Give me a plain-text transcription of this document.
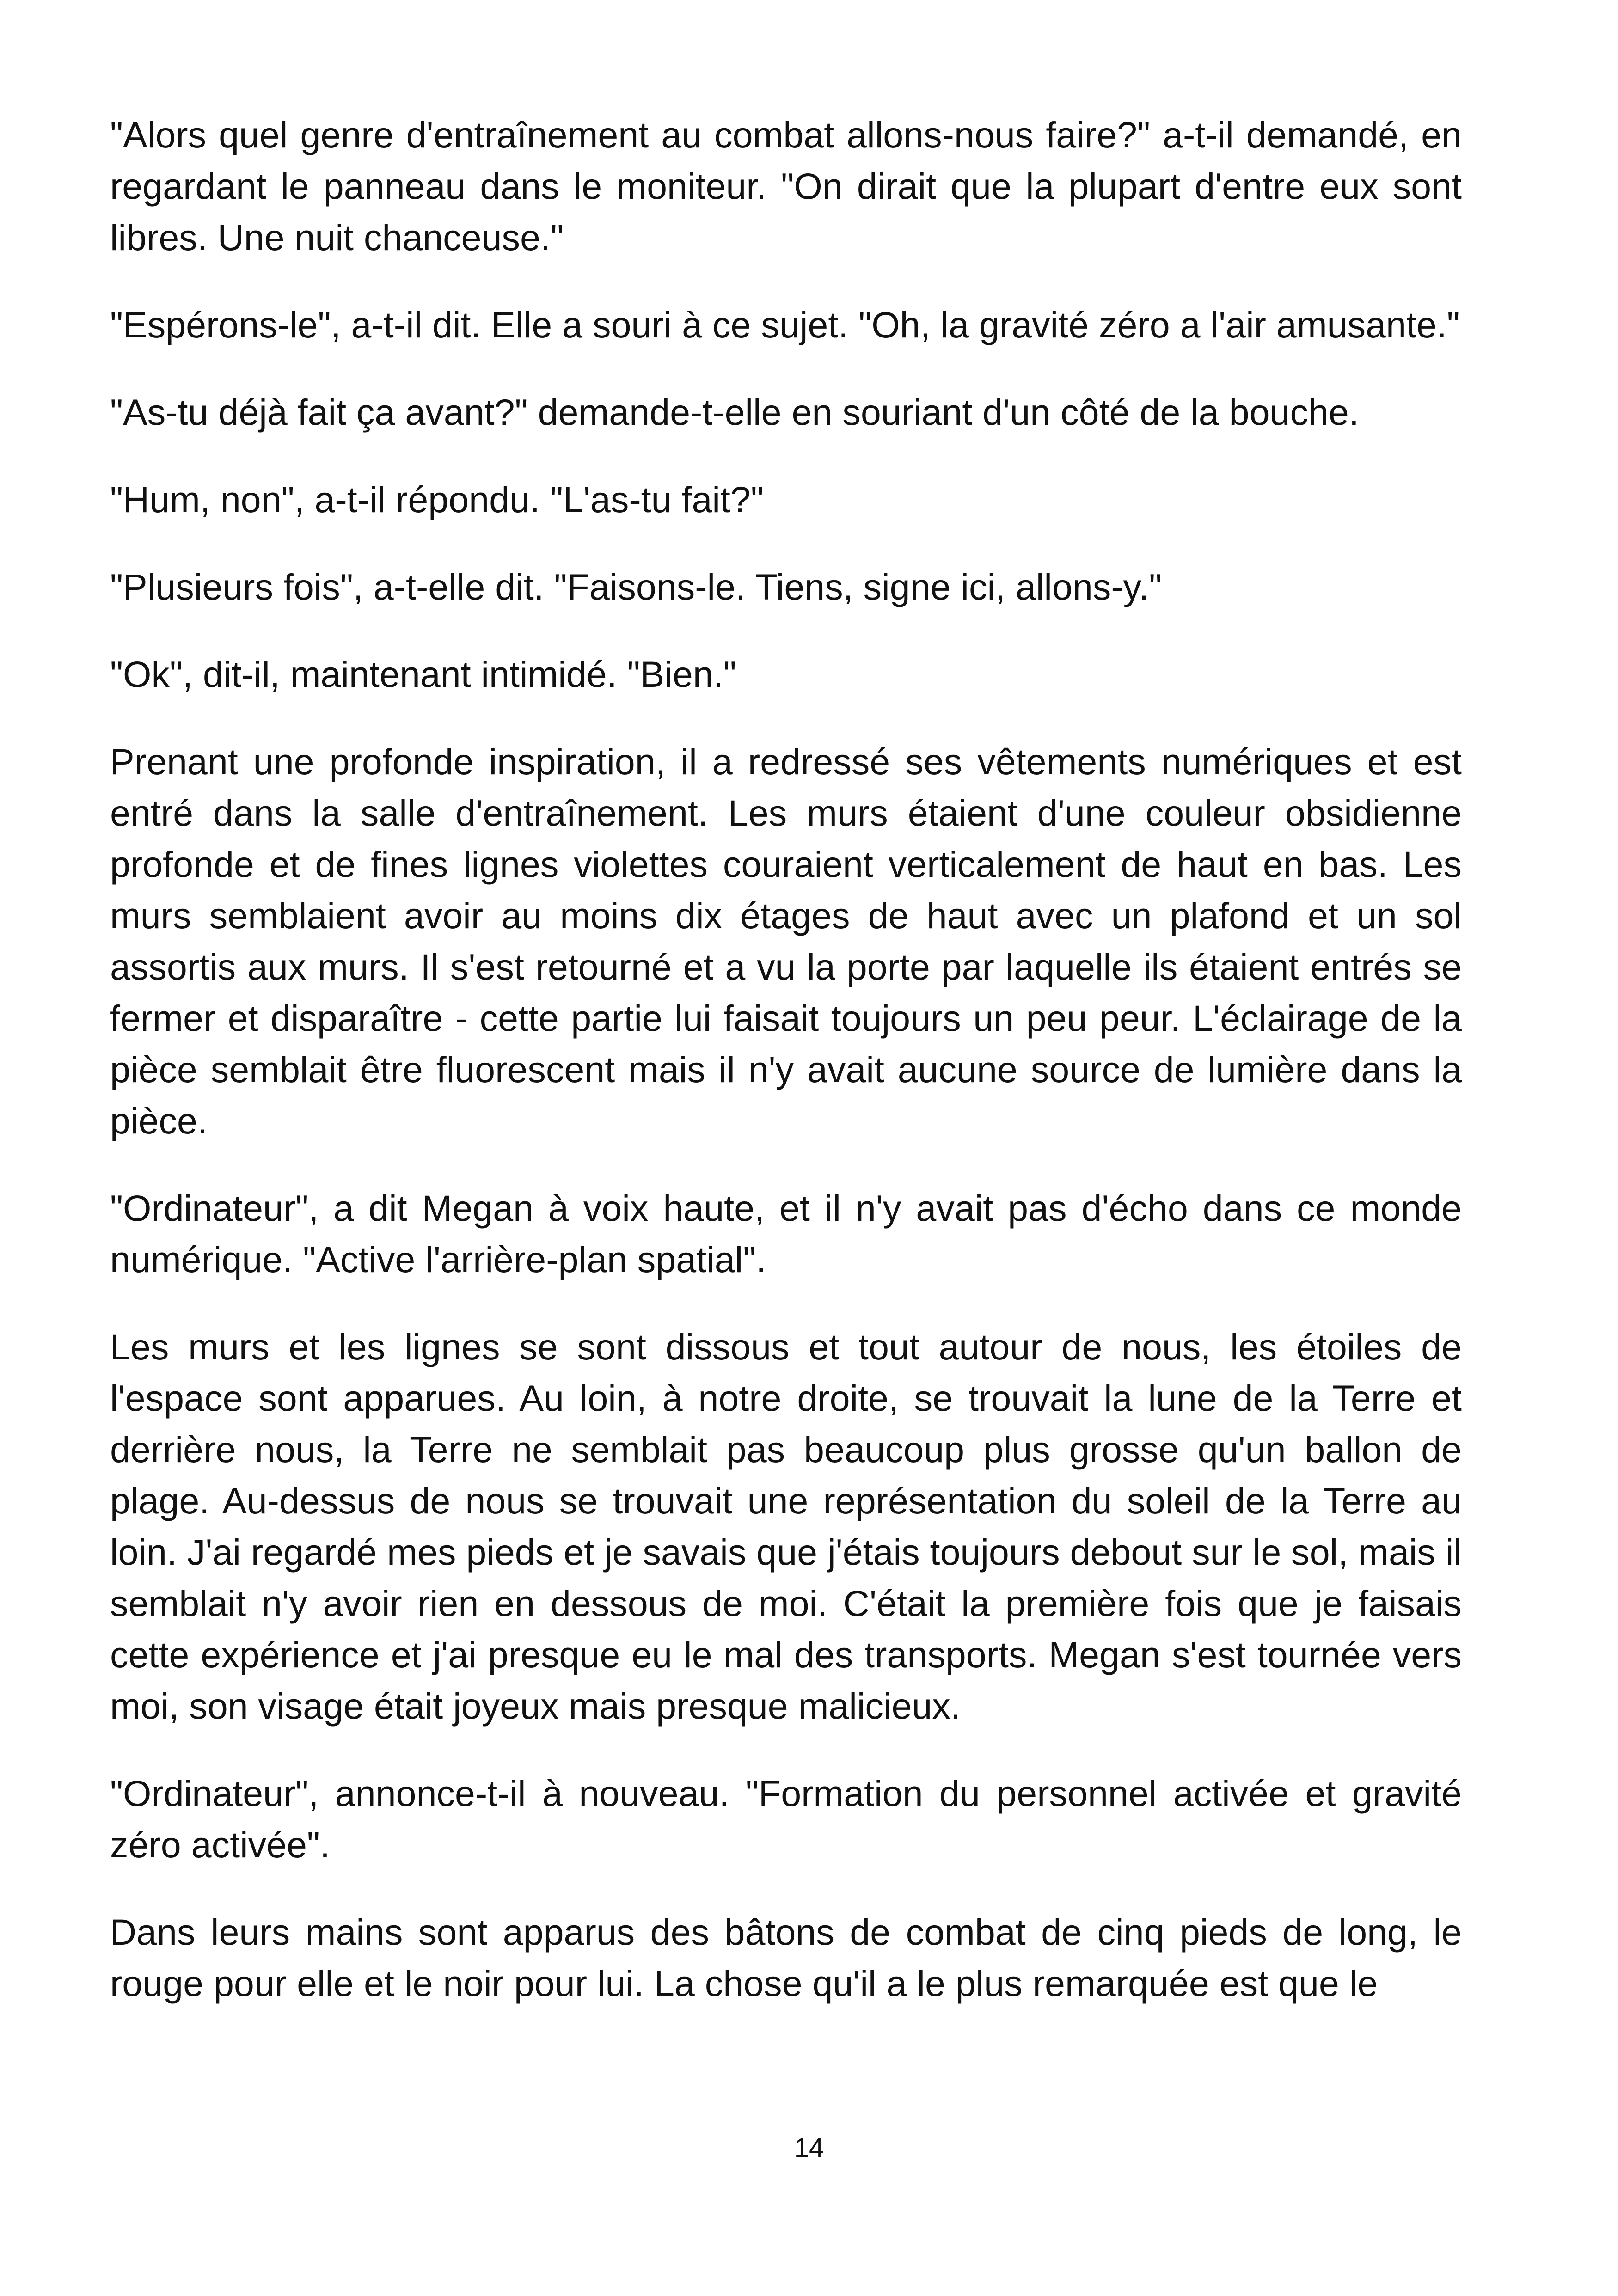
"Alors quel genre d'entraînement au combat allons-nous faire?" a-t-il demandé, en regardant le panneau dans le moniteur. "On dirait que la plupart d'entre eux sont libres. Une nuit chanceuse."

"Espérons-le", a-t-il dit. Elle a souri à ce sujet. "Oh, la gravité zéro a l'air amusante."

"As-tu déjà fait ça avant?" demande-t-elle en souriant d'un côté de la bouche.

"Hum, non", a-t-il répondu. "L'as-tu fait?"

"Plusieurs fois", a-t-elle dit. "Faisons-le. Tiens, signe ici, allons-y."

"Ok", dit-il, maintenant intimidé. "Bien."

Prenant une profonde inspiration, il a redressé ses vêtements numériques et est entré dans la salle d'entraînement. Les murs étaient d'une couleur obsidienne profonde et de fines lignes violettes couraient verticalement de haut en bas. Les murs semblaient avoir au moins dix étages de haut avec un plafond et un sol assortis aux murs. Il s'est retourné et a vu la porte par laquelle ils étaient entrés se fermer et disparaître - cette partie lui faisait toujours un peu peur. L'éclairage de la pièce semblait être fluorescent mais il n'y avait aucune source de lumière dans la pièce.

"Ordinateur", a dit Megan à voix haute, et il n'y avait pas d'écho dans ce monde numérique. "Active l'arrière-plan spatial".

Les murs et les lignes se sont dissous et tout autour de nous, les étoiles de l'espace sont apparues. Au loin, à notre droite, se trouvait la lune de la Terre et derrière nous, la Terre ne semblait pas beaucoup plus grosse qu'un ballon de plage. Au-dessus de nous se trouvait une représentation du soleil de la Terre au loin. J'ai regardé mes pieds et je savais que j'étais toujours debout sur le sol, mais il semblait n'y avoir rien en dessous de moi. C'était la première fois que je faisais cette expérience et j'ai presque eu le mal des transports. Megan s'est tournée vers moi, son visage était joyeux mais presque malicieux.

"Ordinateur", annonce-t-il à nouveau. "Formation du personnel activée et gravité zéro activée".

Dans leurs mains sont apparus des bâtons de combat de cinq pieds de long, le rouge pour elle et le noir pour lui. La chose qu'il a le plus remarquée est que le

14
